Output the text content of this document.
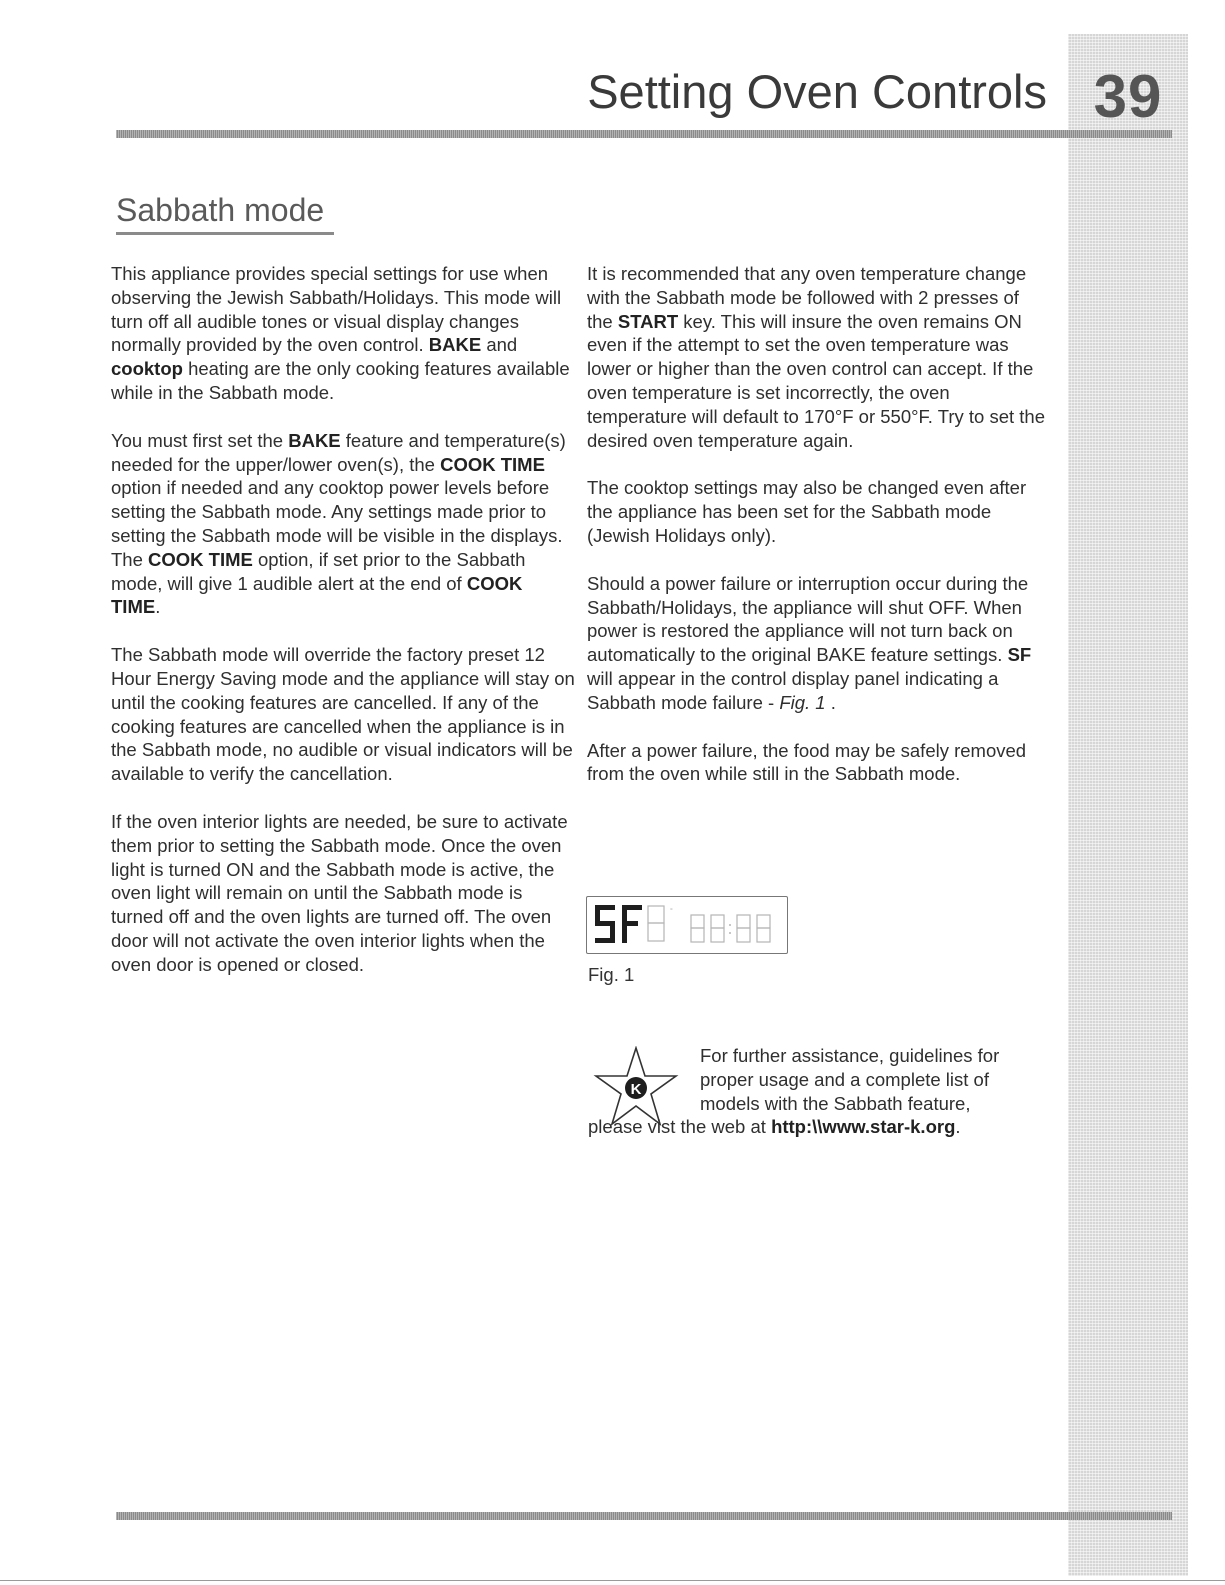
39
Setting Oven Controls
Sabbath mode

This appliance provides special settings for use when observing the Jewish Sabbath/Holidays. This mode will turn off all audible tones or visual display changes normally provided by the oven control. BAKE and cooktop heating are the only cooking features available while in the Sabbath mode.

You must first set the BAKE feature and temperature(s) needed for the upper/lower oven(s), the COOK TIME option if needed and any cooktop power levels before setting the Sabbath mode. Any settings made prior to setting the Sabbath mode will be visible in the displays. The COOK TIME option, if set prior to the Sabbath mode, will give 1 audible alert at the end of COOK TIME.

The Sabbath mode will override the factory preset 12 Hour Energy Saving mode and the appliance will stay on until the cooking features are cancelled. If any of the cooking features are cancelled when the appliance is in the Sabbath mode, no audible or visual indicators will be available to verify the cancellation.

If the oven interior lights are needed, be sure to activate them prior to setting the Sabbath mode. Once the oven light is turned ON and the Sabbath mode is active, the oven light will remain on until the Sabbath mode is turned off and the oven lights are turned off. The oven door will not activate the oven interior lights when the oven door is opened or closed.

It is recommended that any oven temperature change with the Sabbath mode be followed with 2 presses of the START key. This will insure the oven remains ON even if the attempt to set the oven temperature was lower or higher than the oven control can accept. If the oven temperature is set incorrectly, the oven temperature will default to 170°F or 550°F. Try to set the desired oven temperature again.

The cooktop settings may also be changed even after the appliance has been set for the Sabbath mode (Jewish Holidays only).

Should a power failure or interruption occur during the Sabbath/Holidays, the appliance will shut OFF. When power is restored the appliance will not turn back on automatically to the original BAKE feature settings. SF will appear in the control display panel indicating a Sabbath mode failure - Fig. 1 .

After a power failure, the food may be safely removed from the oven while still in the Sabbath mode.

°
Fig. 1
K
For further assistance, guidelines for proper usage and a complete list of models with the Sabbath feature,
please vist the web at http:\\www.star-k.org.
